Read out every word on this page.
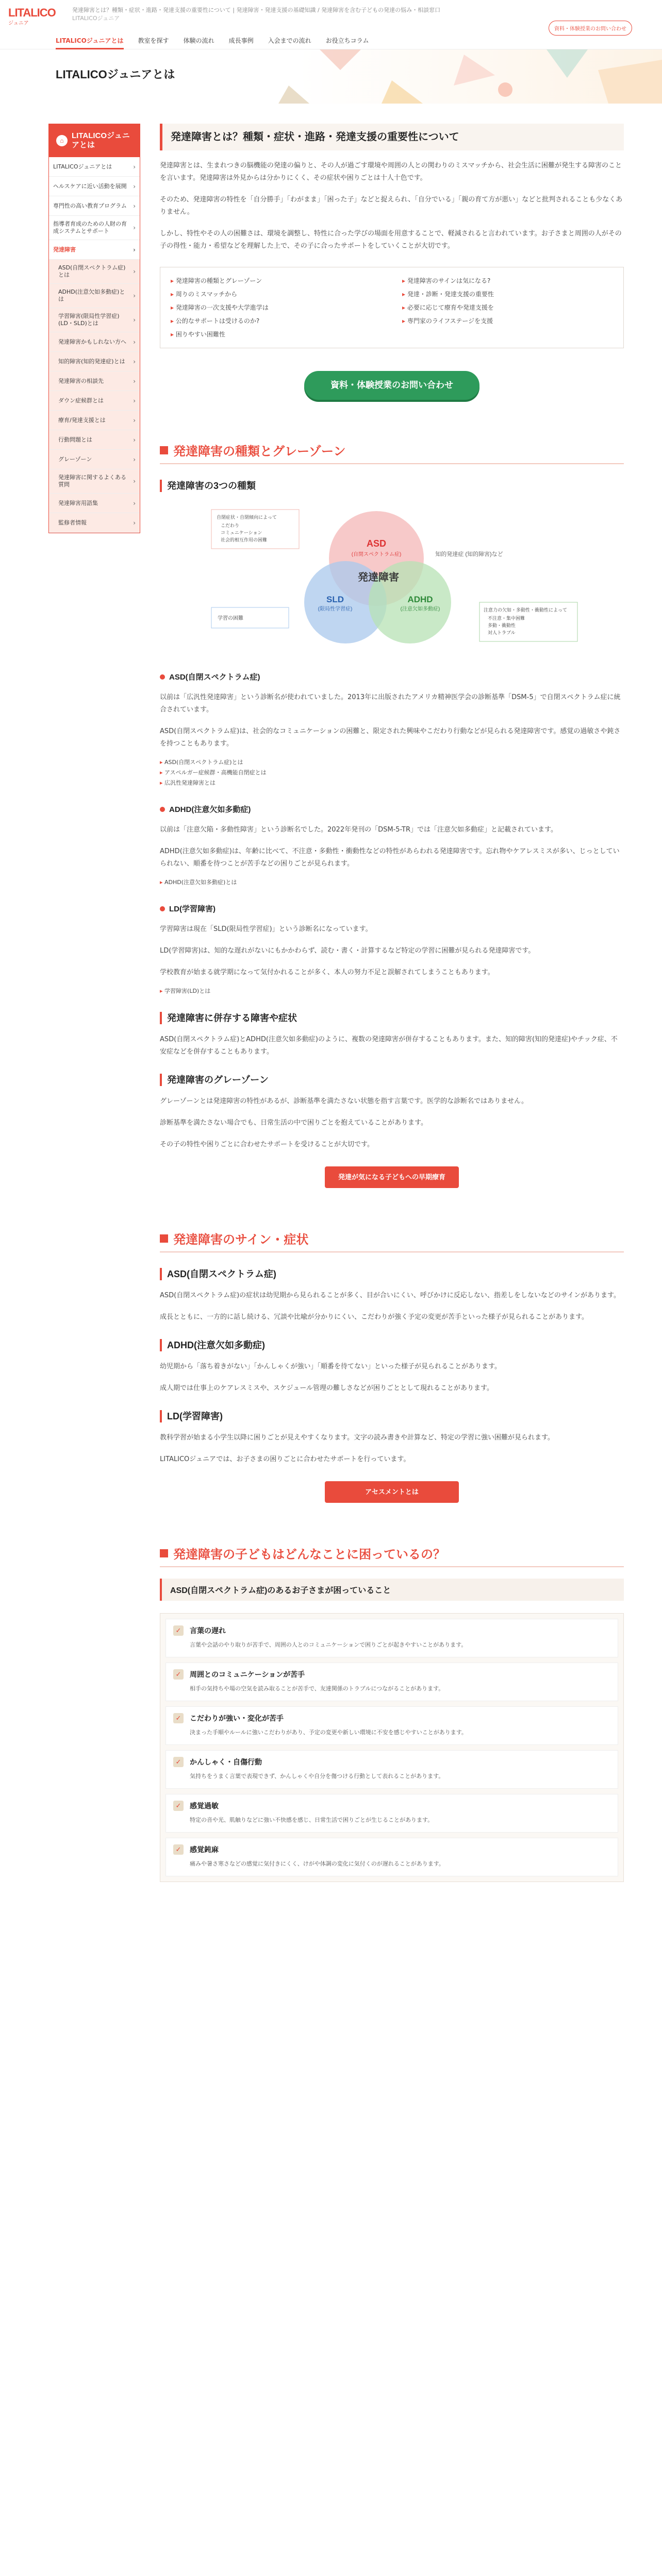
LITALICO
ジュニア
発達障害とは？種類・症状・進路・発達支援の重要性について | 発達障害・発達支援の基礎知識 / 発達障害を含む子どもの発達の悩み・相談窓口
LITALICOジュニア
LITALICOジュニアとは 教室を探す 体験の流れ 成長事例 入会までの流れ お役立ちコラム
資料・体験授業のお問い合わせ
LITALICOジュニアとは
⌂
LITALICOジュニアとは
LITALICOジュニアとは	›
ヘルスケアに近い活動を展開 ›
専門性の高い教育プログラム ›
指導者育成のための人財の育成システムとサポート	›
発達障害	›
ASD(自閉スペクトラム症)とは	›
ADHD(注意欠如多動症)とは	›
学習障害(限局性学習症)(LD・SLD)とは	›
発達障害かもしれない方へ ›
知的障害(知的発達症)とは ›
発達障害の相談先	›
ダウン症候群とは	›
療育/発達支援とは	›
行動問題とは	›
グレーゾーン	›
発達障害に関するよくある質問	›
発達障害用語集	›
監修者情報	›
発達障害とは？種類・症状・進路・発達支援の重要性について
発達障害とは、生まれつきの脳機能の発達の偏りと、その人が過ごす環境や周囲の人との関わりのミスマッチから、社会生活に困難が発生する障害のことを言います。発達障害は外見からは分かりにくく、その症状や困りごとは十人十色です。
そのため、発達障害の特性を「自分勝手」「わがまま」「困った子」などと捉えられ、「自分でいる」「親の育て方が悪い」などと批判されることも少なくありません。
しかし、特性やその人の困難さは、環境を調整し、特性に合った学びの場面を用意することで、軽減されると言われています。お子さまと周囲の人がその子の得性・能力・希望などを理解した上で、その子に合ったサポートをしていくことが大切です。
▸ 発達障害の種類とグレーゾーン	▸ 発達障害のサインは気になる?
▸ 周りのミスマッチから	▸ 発達・診断・発達支援の重要性
▸ 発達障害の一次支援や大学進学は	▸ 必要に応じて療育や発達支援を
▸ 公的なサポートは受けるのか?	▸ 専門家のライフステージを支援
▸ 困りやすい困難性
資料・体験授業のお問い合わせ
発達障害の種類とグレーゾーン
発達障害の3つの種類
ASD
(自閉スペクトラム症)
発達障害
SLD
(限局性学習症)
ADHD
(注意欠如多動症)
知的発達症 (知的障害)など
自閉症状・自閉傾向によって
こだわり
コミュニケーション
社会的相互作用の困難
注意力の欠如・多動性・衝動性によって
不注意・集中困難
多動・衝動性
対人トラブル
学習の困難
ASD(自閉スペクトラム症)
以前は「広汎性発達障害」という診断名が使われていました。2013年に出版されたアメリカ精神医学会の診断基準「DSM-5」で自閉スペクトラム症に統合されています。
ASD(自閉スペクトラム症)は、社会的なコミュニケーションの困難と、限定された興味やこだわり行動などが見られる発達障害です。感覚の過敏さや鈍さを持つこともあります。
▸ ASD(自閉スペクトラム症)とは
▸ アスペルガー症候群・高機能自閉症とは
▸ 広汎性発達障害とは
ADHD(注意欠如多動症)
以前は「注意欠陥・多動性障害」という診断名でした。2022年発刊の「DSM-5-TR」では「注意欠如多動症」と記載されています。
ADHD(注意欠如多動症)は、年齢に比べて、不注意・多動性・衝動性などの特性があらわれる発達障害です。忘れ物やケアレスミスが多い、じっとしていられない、順番を待つことが苦手などの困りごとが見られます。
▸ ADHD(注意欠如多動症)とは
LD(学習障害)
学習障害は現在「SLD(限局性学習症)」という診断名になっています。
LD(学習障害)は、知的な遅れがないにもかかわらず、読む・書く・計算するなど特定の学習に困難が見られる発達障害です。
学校教育が始まる就学期になって気付かれることが多く、本人の努力不足と誤解されてしまうこともあります。
▸ 学習障害(LD)とは
発達障害に併存する障害や症状
ASD(自閉スペクトラム症)とADHD(注意欠如多動症)のように、複数の発達障害が併存することもあります。また、知的障害(知的発達症)やチック症、不安症などを併存することもあります。
発達障害のグレーゾーン
グレーゾーンとは発達障害の特性があるが、診断基準を満たさない状態を指す言葉です。医学的な診断名ではありません。
診断基準を満たさない場合でも、日常生活の中で困りごとを抱えていることがあります。
その子の特性や困りごとに合わせたサポートを受けることが大切です。
発達が気になる子どもへの早期療育
発達障害のサイン・症状
ASD(自閉スペクトラム症)
ASD(自閉スペクトラム症)の症状は幼児期から見られることが多く、目が合いにくい、呼びかけに反応しない、指差しをしないなどのサインがあります。
成長とともに、一方的に話し続ける、冗談や比喩が分かりにくい、こだわりが強く予定の変更が苦手といった様子が見られることがあります。
ADHD(注意欠如多動症)
幼児期から「落ち着きがない」「かんしゃくが強い」「順番を待てない」といった様子が見られることがあります。
成人期では仕事上のケアレスミスや、スケジュール管理の難しさなどが困りごととして現れることがあります。
LD(学習障害)
教科学習が始まる小学生以降に困りごとが見えやすくなります。文字の読み書きや計算など、特定の学習に強い困難が見られます。
LITALICOジュニアでは、お子さまの困りごとに合わせたサポートを行っています。
アセスメントとは
発達障害の子どもはどんなことに困っているの？
ASD(自閉スペクトラム症)のあるお子さまが困っていること
✓	言葉の遅れ
言葉や会話のやり取りが苦手で、周囲の人とのコミュニケーションで困りごとが起きやすいことがあります。
✓	周囲とのコミュニケーションが苦手
相手の気持ちや場の空気を読み取ることが苦手で、友達関係のトラブルにつながることがあります。
✓	こだわりが強い・変化が苦手
決まった手順やルールに強いこだわりがあり、予定の変更や新しい環境に不安を感じやすいことがあります。
✓	かんしゃく・自傷行動
気持ちをうまく言葉で表現できず、かんしゃくや自分を傷つける行動として表れることがあります。
✓	感覚過敏
特定の音や光、肌触りなどに強い不快感を感じ、日常生活で困りごとが生じることがあります。
✓	感覚鈍麻
痛みや暑さ寒さなどの感覚に気付きにくく、けがや体調の変化に気付くのが遅れることがあります。
